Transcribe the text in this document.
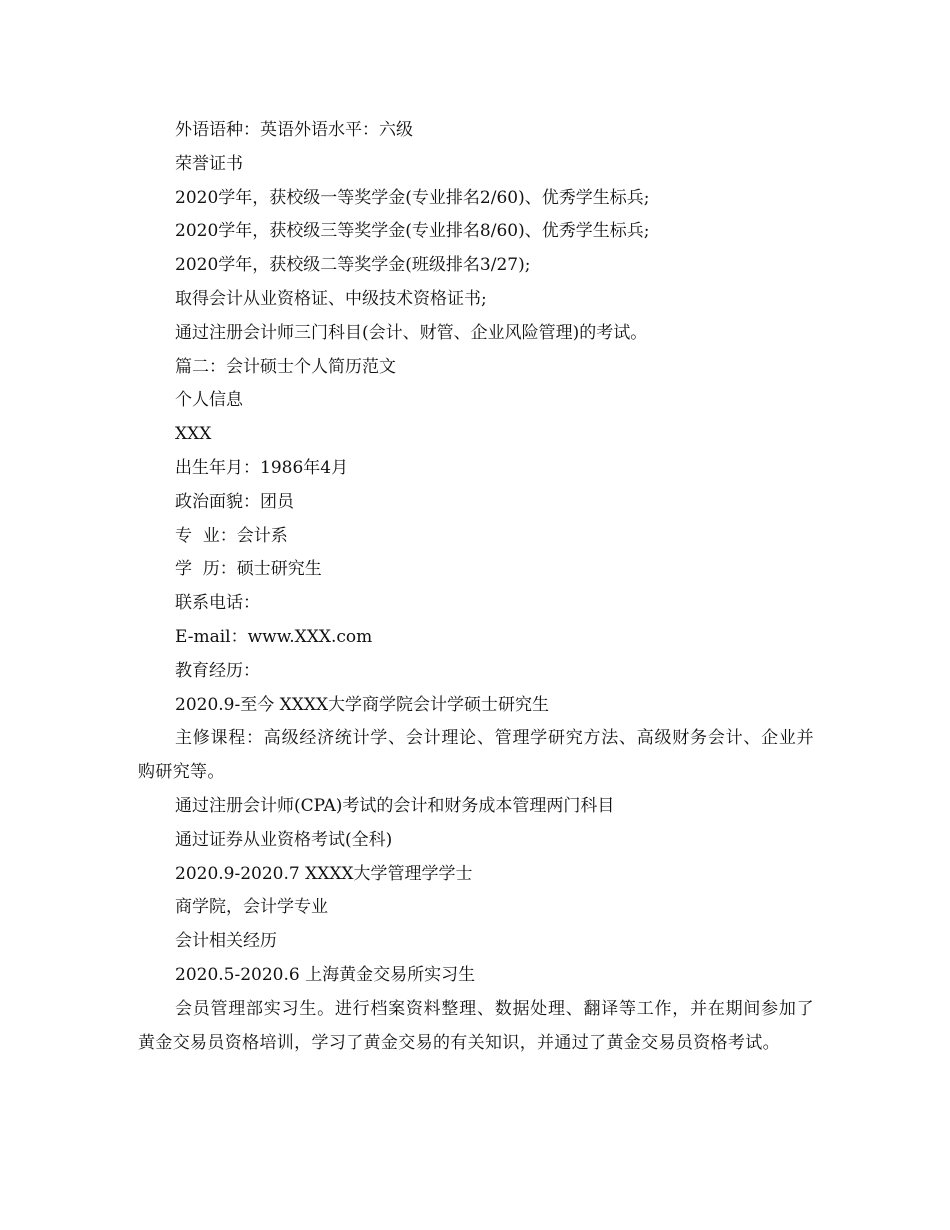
外语语种：英语外语水平：六级
荣誉证书
2020学年，获校级一等奖学金(专业排名2/60)、优秀学生标兵;
2020学年，获校级三等奖学金(专业排名8/60)、优秀学生标兵;
2020学年，获校级二等奖学金(班级排名3/27);
取得会计从业资格证、中级技术资格证书;
通过注册会计师三门科目(会计、财管、企业风险管理)的考试。
篇二：会计硕士个人简历范文
个人信息
XXX
出生年月：1986年4月
政治面貌：团员
专  业：会计系
学  历：硕士研究生
联系电话：
E-mail：www.XXX.com
教育经历：
2020.9-至今 XXXX大学商学院会计学硕士研究生
主修课程：高级经济统计学、会计理论、管理学研究方法、高级财务会计、企业并购研究等。
通过注册会计师(CPA)考试的会计和财务成本管理两门科目
通过证券从业资格考试(全科)
2020.9-2020.7 XXXX大学管理学学士
商学院，会计学专业
会计相关经历
2020.5-2020.6 上海黄金交易所实习生
会员管理部实习生。进行档案资料整理、数据处理、翻译等工作，并在期间参加了黄金交易员资格培训，学习了黄金交易的有关知识，并通过了黄金交易员资格考试。
